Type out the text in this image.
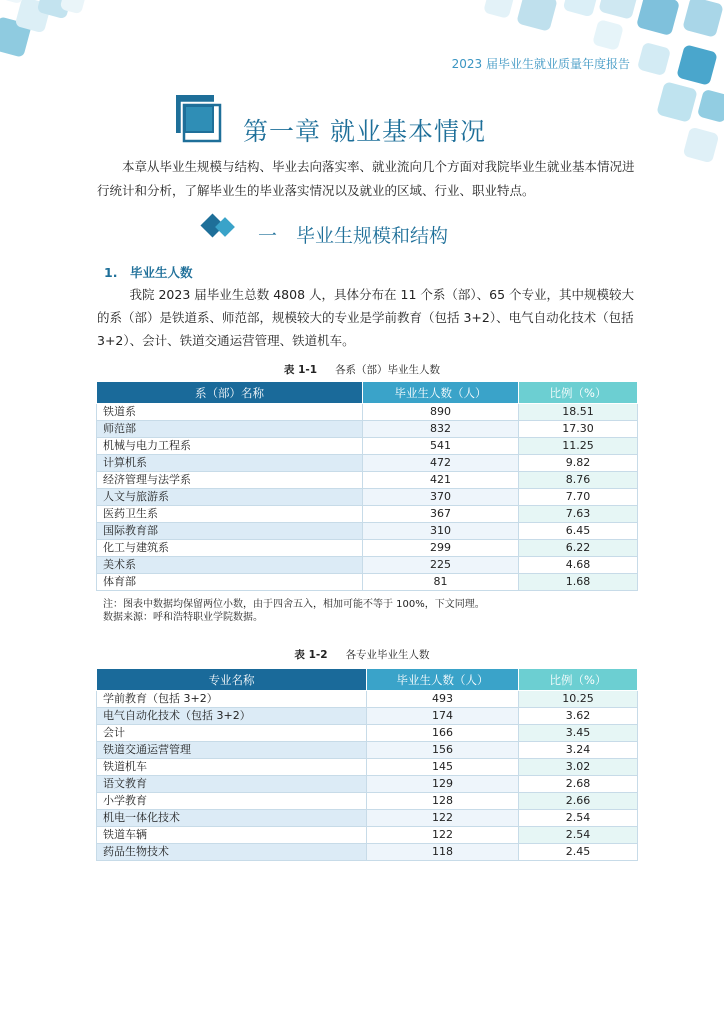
2023 届毕业生就业质量年度报告
第一章 就业基本情况
本章从毕业生规模与结构、毕业去向落实率、就业流向几个方面对我院毕业生就业基本情况进行统计和分析，了解毕业生的毕业落实情况以及就业的区域、行业、职业特点。
一　毕业生规模和结构
1. 毕业生人数
我院 2023 届毕业生总数 4808 人，具体分布在 11 个系（部）、65 个专业，其中规模较大的系（部）是铁道系、师范部，规模较大的专业是学前教育（包括 3+2）、电气自动化技术（包括 3+2）、会计、铁道交通运营管理、铁道机车。
表 1-1 各系（部）毕业生人数
系（部）名称	毕业生人数（人）	比例（%）
铁道系	890	18.51
师范部	832	17.30
机械与电力工程系	541	11.25
计算机系	472	9.82
经济管理与法学系	421	8.76
人文与旅游系	370	7.70
医药卫生系	367	7.63
国际教育部	310	6.45
化工与建筑系	299	6.22
美术系	225	4.68
体育部	81	1.68
注：图表中数据均保留两位小数，由于四舍五入，相加可能不等于 100%，下文同理。
数据来源：呼和浩特职业学院数据。
表 1-2 各专业毕业生人数
专业名称	毕业生人数（人）	比例（%）
学前教育（包括 3+2）	493	10.25
电气自动化技术（包括 3+2）	174	3.62
会计	166	3.45
铁道交通运营管理	156	3.24
铁道机车	145	3.02
语文教育	129	2.68
小学教育	128	2.66
机电一体化技术	122	2.54
铁道车辆	122	2.54
药品生物技术	118	2.45
